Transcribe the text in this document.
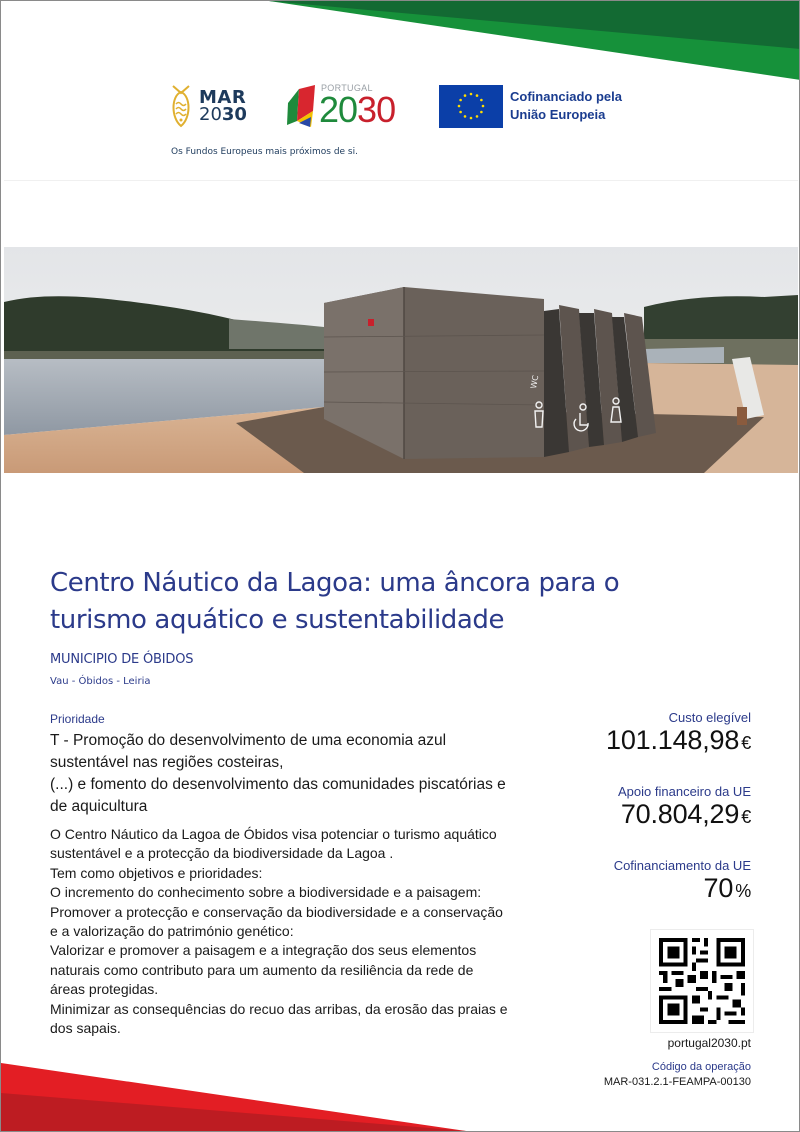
MAR
2030
PORTUGAL
2030	Cofinanciado pela
União Europeia
Os Fundos Europeus mais próximos de si.
WC
Centro Náutico da Lagoa: uma âncora para o
turismo aquático e sustentabilidade
MUNICIPIO DE ÓBIDOS
Vau - Óbidos - Leiria
Prioridade
T - Promoção do desenvolvimento de uma economia azul
sustentável nas regiões costeiras,
(...) e fomento do desenvolvimento das comunidades piscatórias e
de aquicultura
O Centro Náutico da Lagoa de Óbidos visa potenciar o turismo aquático
sustentável e a protecção da biodiversidade da Lagoa .
Tem como objetivos e prioridades:
O incremento do conhecimento sobre a biodiversidade e a paisagem:
Promover a protecção e conservação da biodiversidade e a conservação
e a valorização do património genético:
Valorizar e promover a paisagem e a integração dos seus elementos
naturais como contributo para um aumento da resiliência da rede de
áreas protegidas.
Minimizar as consequências do recuo das arribas, da erosão das praias e
dos sapais.
Custo elegível
101.148,98 €
Apoio financeiro da UE
70.804,29 €
Cofinanciamento da UE
70 %
portugal2030.pt
Código da operação
MAR-031.2.1-FEAMPA-00130
